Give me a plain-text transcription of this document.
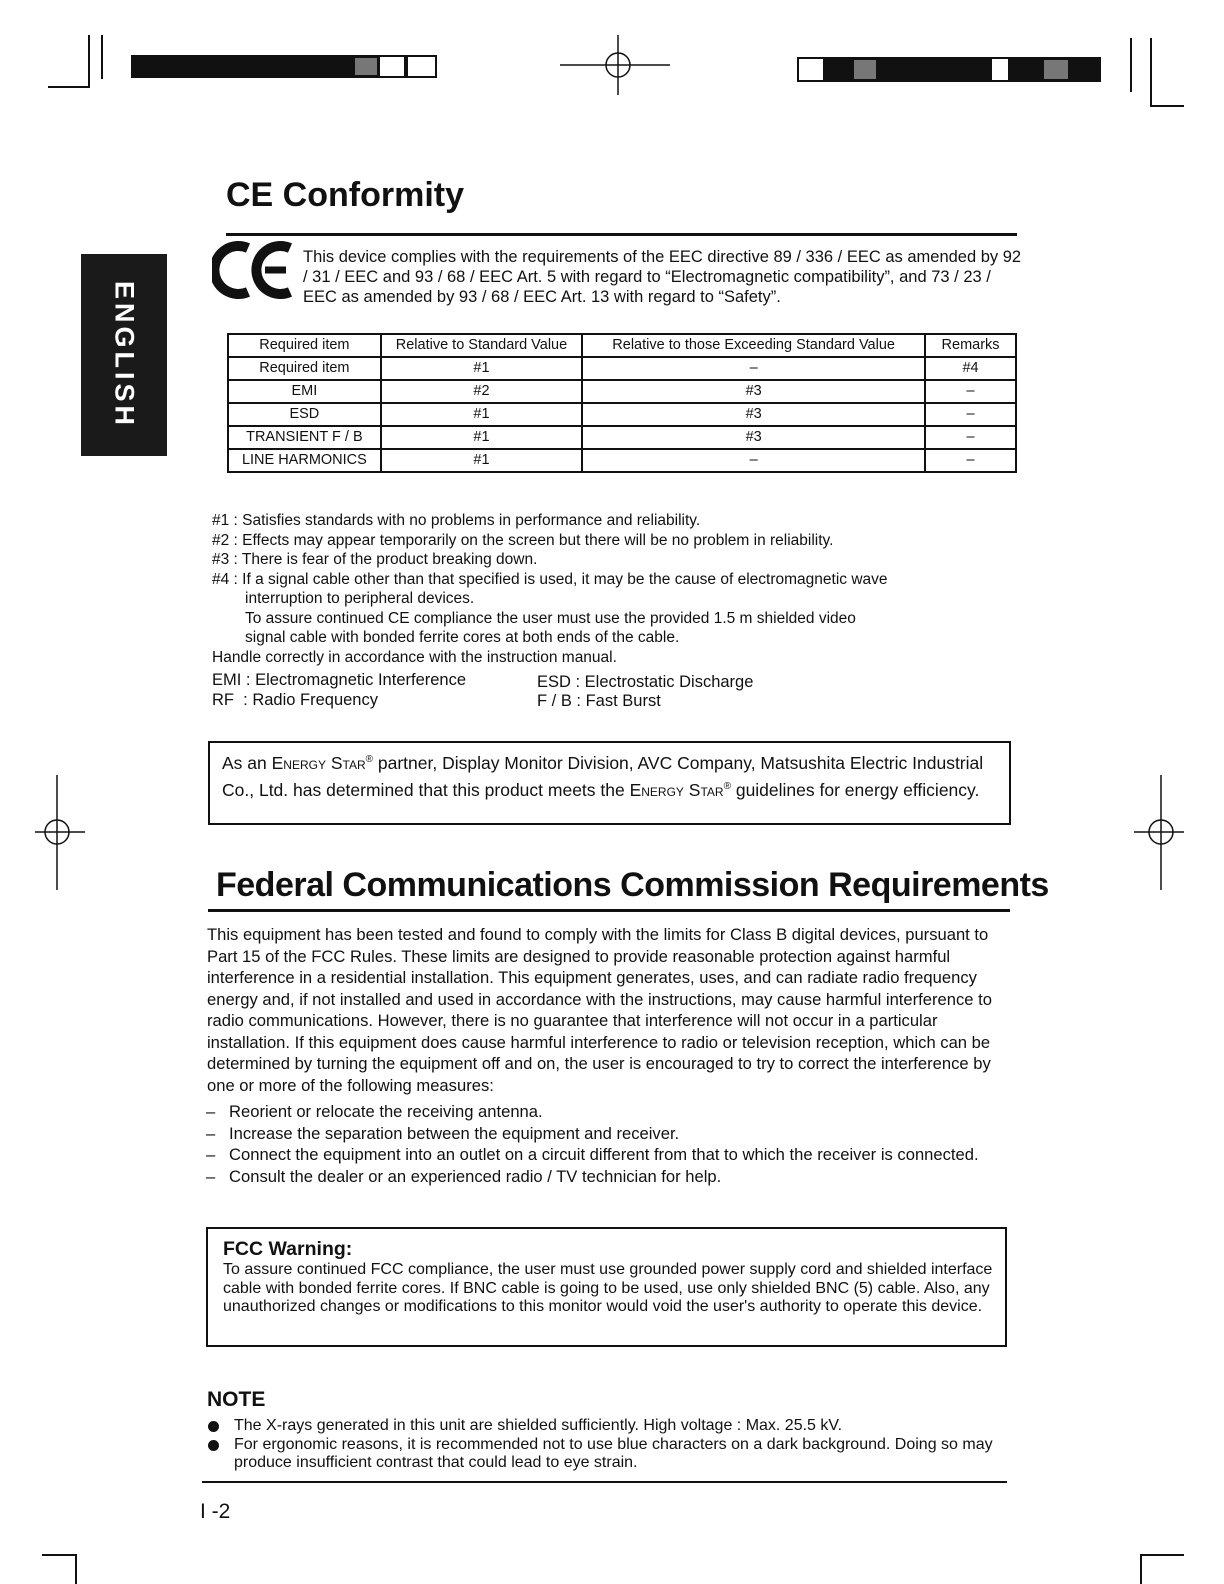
ENGLISH
CE Conformity

This device complies with the requirements of the EEC directive 89 / 336 / EEC as amended by 92 / 31 / EEC and 93 / 68 / EEC Art. 5 with regard to “Electromagnetic compatibility”, and 73 / 23 / EEC as amended by 93 / 68 / EEC Art. 13 with regard to “Safety”.

Required item	Relative to Standard Value	Relative to those Exceeding Standard Value	Remarks
Required item	#1	–	#4
EMI	#2	#3	–
ESD	#1	#3	–
TRANSIENT F / B	#1	#3	–
LINE HARMONICS	#1	–	–
#1 : Satisfies standards with no problems in performance and reliability.
#2 : Effects may appear temporarily on the screen but there will be no problem in reliability.
#3 : There is fear of the product breaking down.
#4 : If a signal cable other than that specified is used, it may be the cause of electromagnetic wave
interruption to peripheral devices.
To assure continued CE compliance the user must use the provided 1.5 m shielded video
signal cable with bonded ferrite cores at both ends of the cable.
Handle correctly in accordance with the instruction manual.
EMI : Electromagnetic Interference
RF  : Radio Frequency
ESD : Electrostatic Discharge
F / B : Fast Burst
As an Energy Star® partner, Display Monitor Division, AVC Company, Matsushita Electric Industrial Co., Ltd. has determined that this product meets the Energy Star® guidelines for energy efficiency.
Federal Communications Commission Requirements

This equipment has been tested and found to comply with the limits for Class B digital devices, pursuant to Part 15 of the FCC Rules. These limits are designed to provide reasonable protection against harmful interference in a residential installation. This equipment generates, uses, and can radiate radio frequency energy and, if not installed and used in accordance with the instructions, may cause harmful interference to radio communications. However, there is no guarantee that interference will not occur in a particular installation. If this equipment does cause harmful interference to radio or television reception, which can be determined by turning the equipment off and on, the user is encouraged to try to correct the interference by one or more of the following measures:

– Reorient or relocate the receiving antenna.
– Increase the separation between the equipment and receiver.
– Connect the equipment into an outlet on a circuit different from that to which the receiver is connected.
– Consult the dealer or an experienced radio / TV technician for help.
FCC Warning:
To assure continued FCC compliance, the user must use grounded power supply cord and shielded interface cable with bonded ferrite cores. If BNC cable is going to be used, use only shielded BNC (5) cable. Also, any unauthorized changes or modifications to this monitor would void the user's authority to operate this device.
NOTE
The X-rays generated in this unit are shielded sufficiently. High voltage : Max. 25.5 kV.
For ergonomic reasons, it is recommended not to use blue characters on a dark background. Doing so may produce insufficient contrast that could lead to eye strain.
I -2
